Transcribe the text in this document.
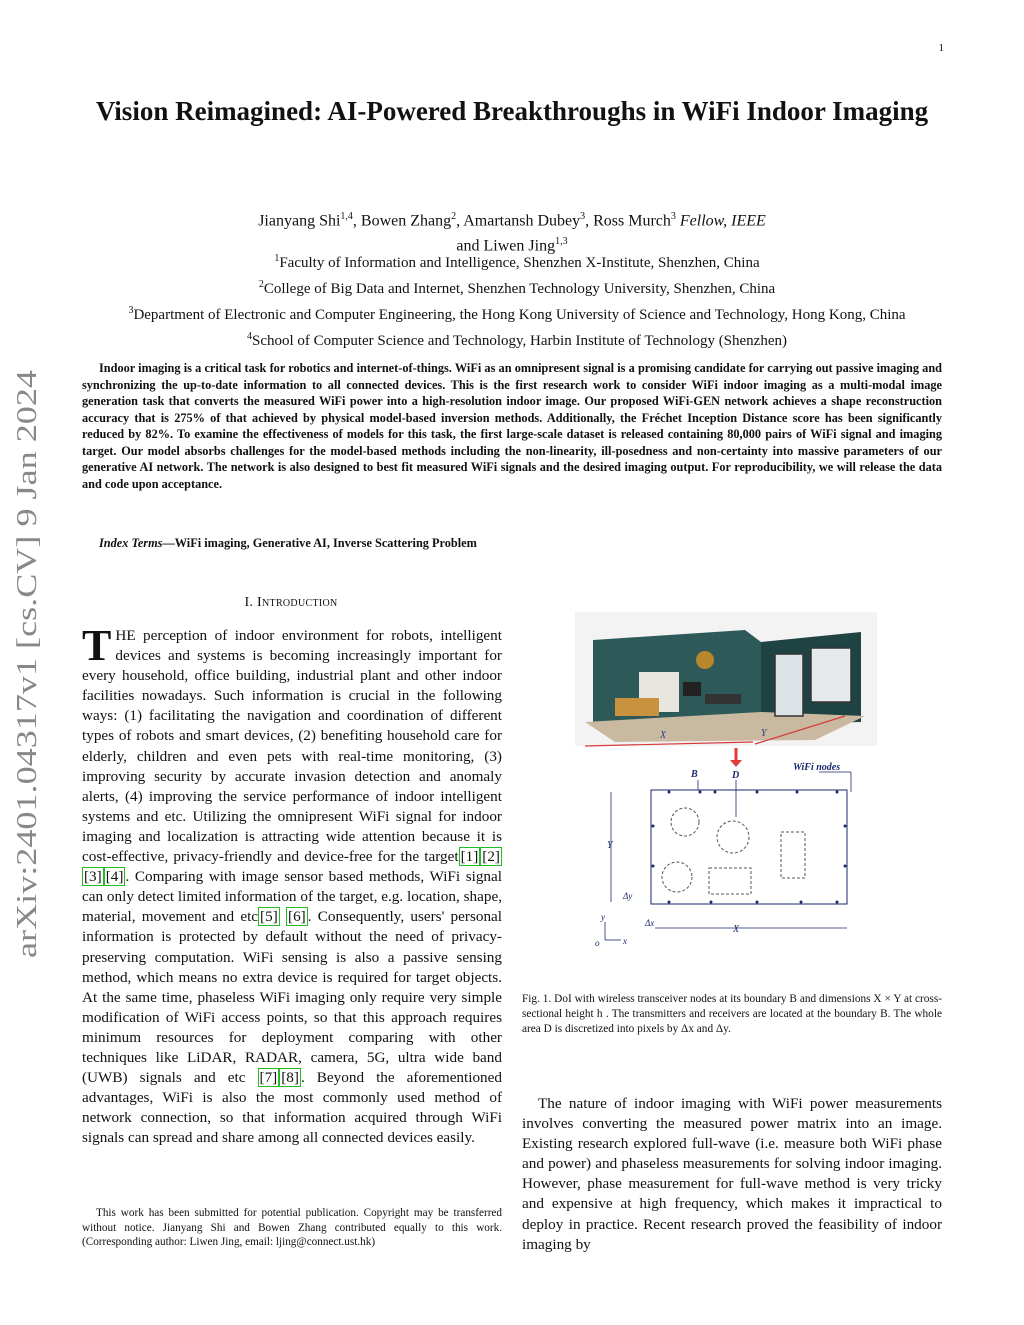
1
arXiv:2401.04317v1 [cs.CV] 9 Jan 2024
Vision Reimagined: AI-Powered Breakthroughs in WiFi Indoor Imaging
Jianyang Shi$^{1,4}$, Bowen Zhang$^2$, Amartansh Dubey$^3$, Ross Murch$^3$ Fellow, IEEE
and Liwen Jing$^{1,3}$
$^1$Faculty of Information and Intelligence, Shenzhen X-Institute, Shenzhen, China
$^2$College of Big Data and Internet, Shenzhen Technology University, Shenzhen, China
$^3$Department of Electronic and Computer Engineering, the Hong Kong University of Science and Technology, Hong Kong, China
$^4$School of Computer Science and Technology, Harbin Institute of Technology (Shenzhen)
Indoor imaging is a critical task for robotics and internet-of-things. WiFi as an omnipresent signal is a promising candidate for carrying out passive imaging and synchronizing the up-to-date information to all connected devices. This is the first research work to consider WiFi indoor imaging as a multi-modal image generation task that converts the measured WiFi power into a high-resolution indoor image. Our proposed WiFi-GEN network achieves a shape reconstruction accuracy that is 275% of that achieved by physical model-based inversion methods. Additionally, the Fréchet Inception Distance score has been significantly reduced by 82%. To examine the effectiveness of models for this task, the first large-scale dataset is released containing 80,000 pairs of WiFi signal and imaging target. Our model absorbs challenges for the model-based methods including the non-linearity, ill-posedness and non-certainty into massive parameters of our generative AI network. The network is also designed to best fit measured WiFi signals and the desired imaging output. For reproducibility, we will release the data and code upon acceptance.
Index Terms—WiFi imaging, Generative AI, Inverse Scattering Problem
I. Introduction
THE perception of indoor environment for robots, intelligent devices and systems is becoming increasingly important for every household, office building, industrial plant and other indoor facilities nowadays. Such information is crucial in the following ways: (1) facilitating the navigation and coordination of different types of robots and smart devices, (2) benefiting household care for elderly, children and even pets with real-time monitoring, (3) improving security by accurate invasion detection and anomaly alerts, (4) improving the service performance of indoor intelligent systems and etc. Utilizing the omnipresent WiFi signal for indoor imaging and localization is attracting wide attention because it is cost-effective, privacy-friendly and device-free for the target [1] [2][3] [4] . Comparing with image sensor based methods, WiFi signal can only detect limited information of the target, e.g. location, shape, material, movement and etc [5] [6] . Consequently, users' personal information is protected by default without the need of privacy-preserving computation. WiFi sensing is also a passive sensing method, which means no extra device is required for target objects. At the same time, phaseless WiFi imaging only require very simple modification of WiFi access points, so that this approach requires minimum resources for deployment comparing with other techniques like LiDAR, RADAR, camera, 5G, ultra wide band (UWB) signals and etc [7] [8] . Beyond the aforementioned advantages, WiFi is also the most commonly used method of network connection, so that information acquired through WiFi signals can spread and share among all connected devices easily.
This work has been submitted for potential publication. Copyright may be transferred without notice. Jianyang Shi and Bowen Zhang contributed equally to this work. (Corresponding author: Liwen Jing, email: ljing@connect.ust.hk)
X	Y
WiFi nodes
B	D
Y
Δy
Δx
X
o	x
y
Fig. 1. DoI with wireless transceiver nodes at its boundary B and dimensions X × Y at cross-sectional height h . The transmitters and receivers are located at the boundary B. The whole area D is discretized into pixels by Δx and Δy.
The nature of indoor imaging with WiFi power measurements involves converting the measured power matrix into an image. Existing research explored full-wave (i.e. measure both WiFi phase and power) and phaseless measurements for solving indoor imaging. However, phase measurement for full-wave method is very tricky and expensive at high frequency, which makes it impractical to deploy in practice. Recent research proved the feasibility of indoor imaging by
